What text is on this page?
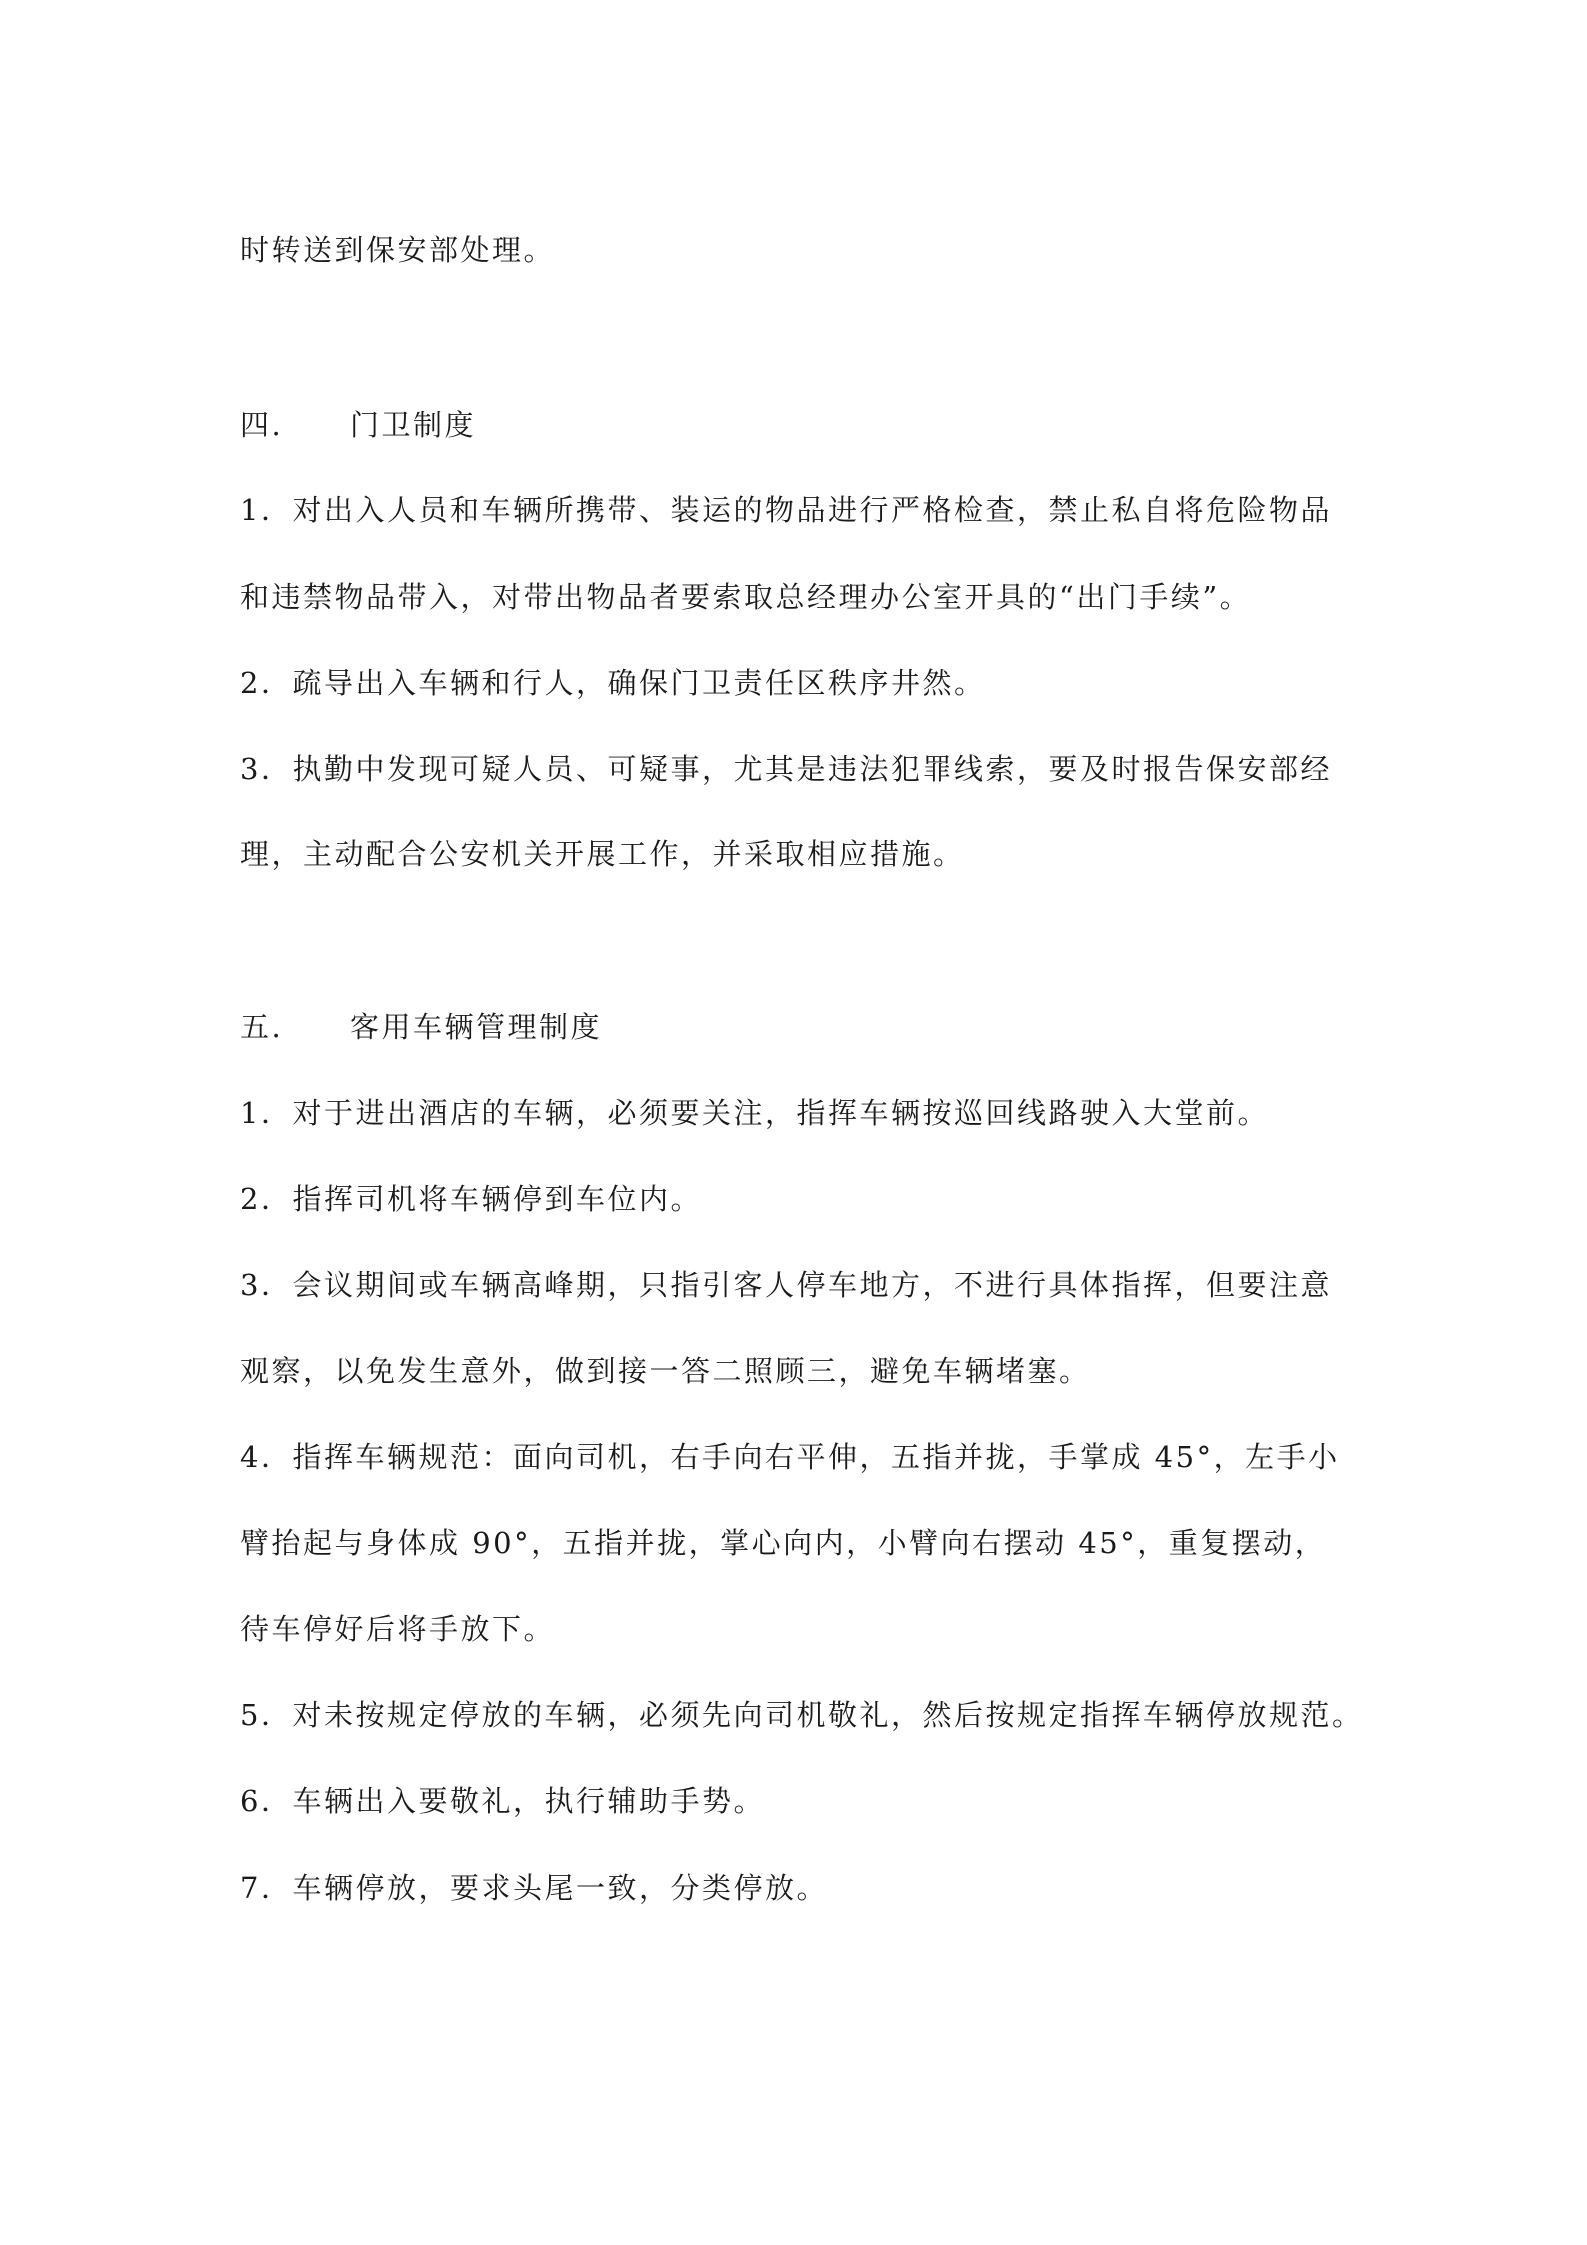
时转送到保安部处理。
四. 门卫制度
1．对出入人员和车辆所携带、装运的物品进行严格检查，禁止私自将危险物品
和违禁物品带入，对带出物品者要索取总经理办公室开具的“出门手续”。
2．疏导出入车辆和行人，确保门卫责任区秩序井然。
3．执勤中发现可疑人员、可疑事，尤其是违法犯罪线索，要及时报告保安部经
理，主动配合公安机关开展工作，并采取相应措施。
五. 客用车辆管理制度
1．对于进出酒店的车辆，必须要关注，指挥车辆按巡回线路驶入大堂前。
2．指挥司机将车辆停到车位内。
3．会议期间或车辆高峰期，只指引客人停车地方，不进行具体指挥，但要注意
观察，以免发生意外，做到接一答二照顾三，避免车辆堵塞。
4．指挥车辆规范：面向司机，右手向右平伸，五指并拢，手掌成 45°，左手小
臂抬起与身体成 90°，五指并拢，掌心向内，小臂向右摆动 45°，重复摆动，
待车停好后将手放下。
5．对未按规定停放的车辆，必须先向司机敬礼，然后按规定指挥车辆停放规范。
6．车辆出入要敬礼，执行辅助手势。
7．车辆停放，要求头尾一致，分类停放。
